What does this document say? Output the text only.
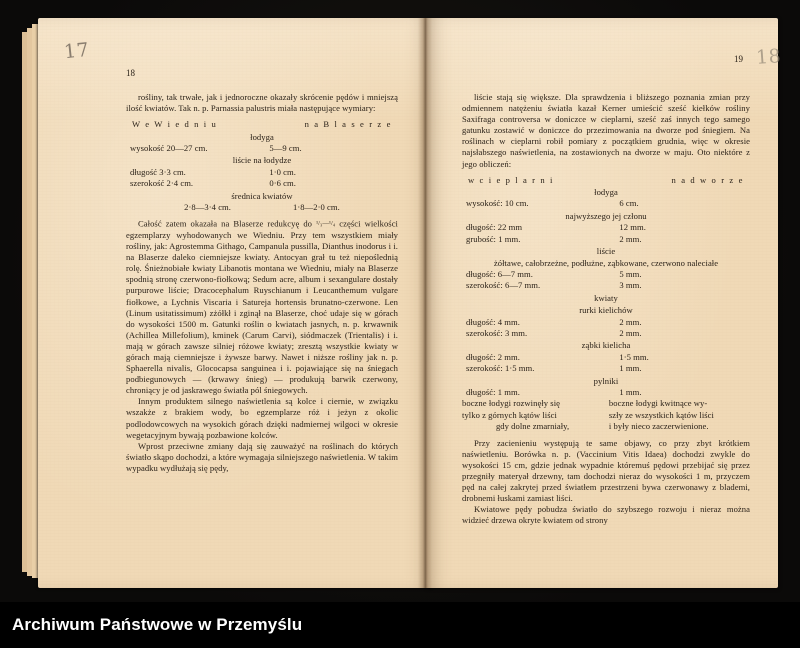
17	18
18

rośliny, tak trwałe, jak i jednoroczne okazały skrócenie pędów i mniejszą ilość kwiatów. Tak n. p. Parnassia palustris miała następujące wymiary:

W e W i e d n i u	n a B l a s e r z e
łodyga
wysokość 20—27 cm.	5—9 cm.
liście na łodydze
długość 3·3 cm.	1·0 cm.
szerokość 2·4 cm.	0·6 cm.
średnica kwiatów
2·8—3·4 cm.	1·8—2·0 cm.

Całość zatem okazała na Blaserze redukcyę do ¹/₃—¹/₄ części wielkości egzemplarzy wyhodowanych we Wiedniu. Przy tem wszystkiem miały rośliny, jak: Agrostemma Githago, Campanula pussilla, Dianthus inodorus i i. na Blaserze daleko ciemniejsze kwiaty. Antocyan grał tu też niepoślednią rolę. Śnieżnobiałe kwiaty Libanotis montana we Wiedniu, miały na Blaserze spodnią stronę czerwono-fiołkową; Sedum acre, album i sexangulare dostały purpurowe liście; Dracocephalum Ruyschianum i Leucanthemum vulgare fiołkowe, a Lychnis Viscaria i Satureja hortensis brunatno-czerwone. Len (Linum usitatissimum) zżółkł i zginął na Blaserze, choć udaje się w górach do wysokości 1500 m. Gatunki roślin o kwiatach jasnych, n. p. krwawnik (Achillea Millefolium), kminek (Carum Carvi), siódmaczek (Trientalis) i i. mają w górach zawsze silniej różowe kwiaty; zresztą wszystkie kwiaty w górach mają ciemniejsze i żywsze barwy. Nawet i niższe rośliny jak n. p. Sphaerella nivalis, Glococapsa sanguinea i i. pojawiające się na śniegach podbiegunowych — (krwawy śnieg) — produkują barwik czerwony, chroniący je od jaskrawego światła pól śniegowych.

Innym produktem silnego naświetlenia są kolce i ciernie, w związku wszakże z brakiem wody, bo egzemplarze róż i jeżyn z okolic podlodowcowych na wysokich górach dzięki nadmiernej wilgoci w okresie wegetacyjnym bywają pozbawione kolców.

Wprost przeciwne zmiany dają się zauważyć na roślinach do których światło skąpo dochodzi, a które wymagaja silniejszego naświetlenia. W takim wypadku wydłużają się pędy,

19

liście stają się większe. Dla sprawdzenia i bliższego poznania zmian przy odmiennem natężeniu światła kazał Kerner umieścić sześć kiełków rośliny Saxifraga controversa w doniczce w cieplarni, sześć zaś innych tego samego gatunku zostawić w doniczce do przezimowania na dworze pod śniegiem. Na roślinach w cieplarni robił pomiary z początkiem grudnia, więc w okresie najsłabszego naświetlenia, na zostawionych na dworze w maju. Oto niektóre z jego obliczeń:

w c i e p l a r n i	n a d w o r z e
łodyga
wysokość: 10 cm.	6 cm.
najwyższego jej członu
długość: 22 mm	12 mm.
grubość: 1 mm.	2 mm.
liście
żółtawe, całobrzeżne, podłużne, ząbkowane, czerwono naleciałe
długość: 6—7 mm.	5 mm.
szerokość: 6—7 mm.	3 mm.
kwiaty
rurki kielichów
długość: 4 mm.	2 mm.
szerokość: 3 mm.	2 mm.
ząbki kielicha
długość: 2 mm.	1·5 mm.
szerokość: 1·5 mm.	1 mm.
pylniki
długość: 1 mm.	1 mm.
boczne łodygi rozwinęły się	boczne łodygi kwitnące wy-
tylko z górnych kątów liści	szły ze wszystkich kątów liści
gdy dolne zmarniały,	i były nieco zaczerwienione.

Przy zacienieniu występują te same objawy, co przy zbyt krótkiem naświetleniu. Borówka n. p. (Vaccinium Vitis Idaea) dochodzi zwykle do wysokości 15 cm, gdzie jednak wypadnie któremuś pędowi przebijać się przez przegniły materyał drzewny, tam dochodzi nieraz do wysokości 1 m, przyczem pęd na całej zakrytej przed światłem przestrzeni bywa czerwonawy z blademi, drobnemi łuskami zamiast liści.

Kwiatowe pędy pobudza światło do szybszego rozwoju i nieraz można widzieć drzewa okryte kwiatem od strony

Archiwum Państwowe w Przemyślu
